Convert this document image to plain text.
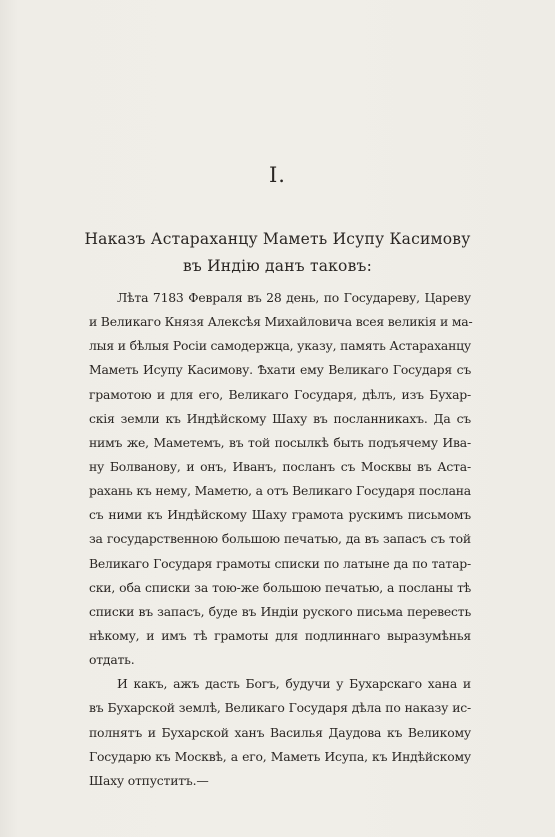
I.
Наказъ Астараханцу Маметь Исупу Касимову
въ Индію данъ таковъ:
Лѣта 7183 Февраля въ 28 день, по Государеву, Цареву
и Великаго Князя Алексѣя Михайловича всея великія и ма-
лыя и бѣлыя Росіи самодержца, указу, память Астараханцу
Маметь Исупу Касимову. Ѣхати ему Великаго Государя съ
грамотою и для его, Великаго Государя, дѣлъ, изъ Бухар-
скія земли къ Индѣйскому Шаху въ посланникахъ. Да съ
нимъ же, Маметемъ, въ той посылкѣ быть подъячему Ива-
ну Болванову, и онъ, Иванъ, посланъ съ Москвы въ Аста-
рахань къ нему, Маметю, а отъ Великаго Государя послана
съ ними къ Индѣйскому Шаху грамота рускимъ письмомъ
за государственною большою печатью, да въ запасъ съ той
Великаго Государя грамоты списки по латыне да по татар-
ски, оба списки за тою-же большою печатью, а посланы тѣ
списки въ запасъ, буде въ Индіи руского письма перевесть
нѣкому, и имъ тѣ грамоты для подлиннаго выразумѣнья
отдать.
И какъ, ажъ дасть Богъ, будучи у Бухарскаго хана и
въ Бухарской землѣ, Великаго Государя дѣла по наказу ис-
полнятъ и Бухарской ханъ Василья Даудова къ Великому
Государю къ Москвѣ, а его, Маметь Исупа, къ Индѣйскому
Шаху отпуститъ.—
